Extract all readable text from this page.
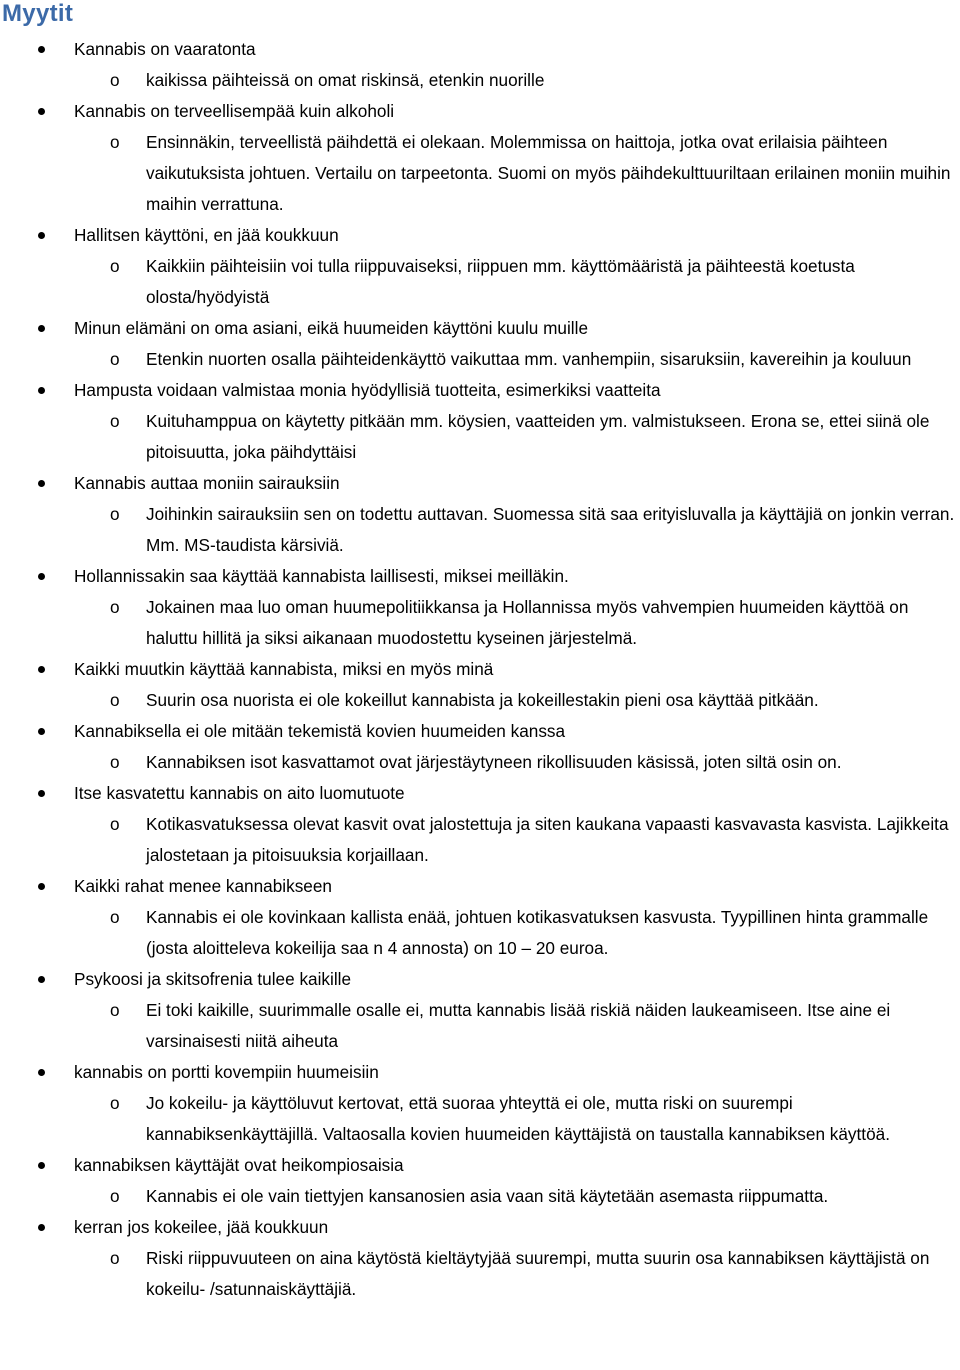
Myytit
Kannabis on vaaratonta
o	kaikissa päihteissä on omat riskinsä, etenkin nuorille
Kannabis on terveellisempää kuin alkoholi
o	Ensinnäkin, terveellistä päihdettä ei olekaan. Molemmissa on haittoja, jotka ovat erilaisia päihteen vaikutuksista johtuen. Vertailu on tarpeetonta. Suomi on myös päihdekulttuuriltaan erilainen moniin muihin maihin verrattuna.
Hallitsen käyttöni, en jää koukkuun
o	Kaikkiin päihteisiin voi tulla riippuvaiseksi, riippuen mm. käyttömääristä ja päihteestä koetusta olosta/hyödyistä
Minun elämäni on oma asiani, eikä huumeiden käyttöni kuulu muille
o	Etenkin nuorten osalla päihteidenkäyttö vaikuttaa mm. vanhempiin, sisaruksiin, kavereihin ja kouluun
Hampusta voidaan valmistaa monia hyödyllisiä tuotteita, esimerkiksi vaatteita
o	Kuituhamppua on käytetty pitkään mm. köysien, vaatteiden ym. valmistukseen. Erona se, ettei siinä ole pitoisuutta, joka päihdyttäisi
Kannabis auttaa moniin sairauksiin
o	Joihinkin sairauksiin sen on todettu auttavan. Suomessa sitä saa erityisluvalla ja käyttäjiä on jonkin verran. Mm. MS-taudista kärsiviä.
Hollannissakin saa käyttää kannabista laillisesti, miksei meilläkin.
o	Jokainen maa luo oman huumepolitiikkansa ja Hollannissa myös vahvempien huumeiden käyttöä on haluttu hillitä ja siksi aikanaan muodostettu kyseinen järjestelmä.
Kaikki muutkin käyttää kannabista, miksi en myös minä
o	Suurin osa nuorista ei ole kokeillut kannabista ja kokeillestakin pieni osa käyttää pitkään.
Kannabiksella ei ole mitään tekemistä kovien huumeiden kanssa
o	Kannabiksen isot kasvattamot ovat järjestäytyneen rikollisuuden käsissä, joten siltä osin on.
Itse kasvatettu kannabis on aito luomutuote
o	Kotikasvatuksessa olevat kasvit ovat jalostettuja ja siten kaukana vapaasti kasvavasta kasvista. Lajikkeita jalostetaan ja pitoisuuksia korjaillaan.
Kaikki rahat menee kannabikseen
o	Kannabis ei ole kovinkaan kallista enää, johtuen kotikasvatuksen kasvusta. Tyypillinen hinta grammalle (josta aloitteleva kokeilija saa n 4 annosta) on 10 – 20 euroa.
Psykoosi ja skitsofrenia tulee kaikille
o	Ei toki kaikille, suurimmalle osalle ei, mutta kannabis lisää riskiä näiden laukeamiseen. Itse aine ei varsinaisesti niitä aiheuta
kannabis on portti kovempiin huumeisiin
o	Jo kokeilu- ja käyttöluvut kertovat, että suoraa yhteyttä ei ole, mutta riski on suurempi kannabiksenkäyttäjillä. Valtaosalla kovien huumeiden käyttäjistä on taustalla kannabiksen käyttöä.
kannabiksen käyttäjät ovat heikompiosaisia
o	Kannabis ei ole vain tiettyjen kansanosien asia vaan sitä käytetään asemasta riippumatta.
kerran jos kokeilee, jää koukkuun
o	Riski riippuvuuteen on aina käytöstä kieltäytyjää suurempi, mutta suurin osa kannabiksen käyttäjistä on kokeilu- /satunnaiskäyttäjiä.
